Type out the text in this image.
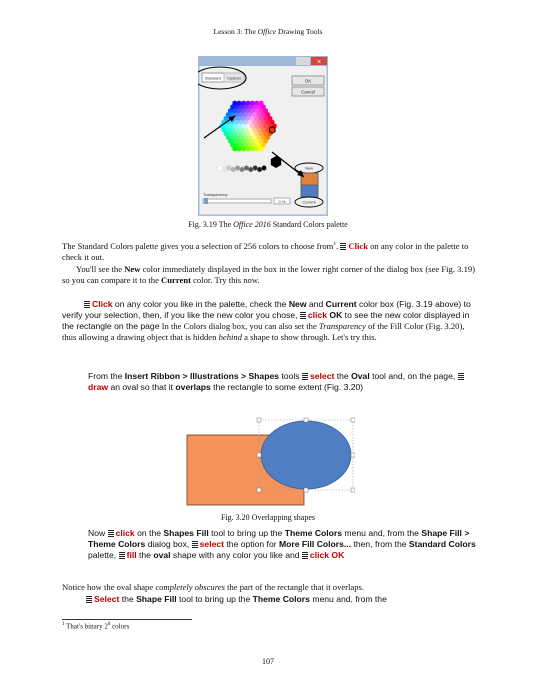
Lesson 3: The Office Drawing Tools
×
Standard Custom
OK
Cancel
New
Current
Transparency:
0 %
Fig. 3.19 The Office 2016 Standard Colors palette
The Standard Colors palette gives you a selection of 256 colors to choose from$^1$. Click on any color in the palette to check it out.
You'll see the New color immediately displayed in the box in the lower right corner of the dialog box (see Fig. 3.19) so you can compare it to the Current color. Try this now.
Click on any color you like in the palette, check the New and Current color box (Fig. 3.19 above) to verify your selection, then, if you like the new color you chose, click OK to see the new color displayed in the rectangle on the page In the Colors dialog box, you can also set the Transparency of the Fill Color (Fig. 3.20), thus allowing a drawing object that is hidden behind a shape to show through. Let's try this.
From the Insert Ribbon > Illustrations > Shapes tools select the Oval tool and, on the page, draw an oval so that it overlaps the rectangle to some extent (Fig. 3.20)
Fig. 3.20 Overlapping shapes
Now click on the Shapes Fill tool to bring up the Theme Colors menu and, from the Shape Fill > Theme Colors dialog box, select the option for More Fill Colors... then, from the Standard Colors palette, fill the oval shape with any color you like and click OK
Notice how the oval shape completely obscures the part of the rectangle that it overlaps.
Select the Shape Fill tool to bring up the Theme Colors menu and, from the
$^1$ That's binary $2^8$ colors
107
